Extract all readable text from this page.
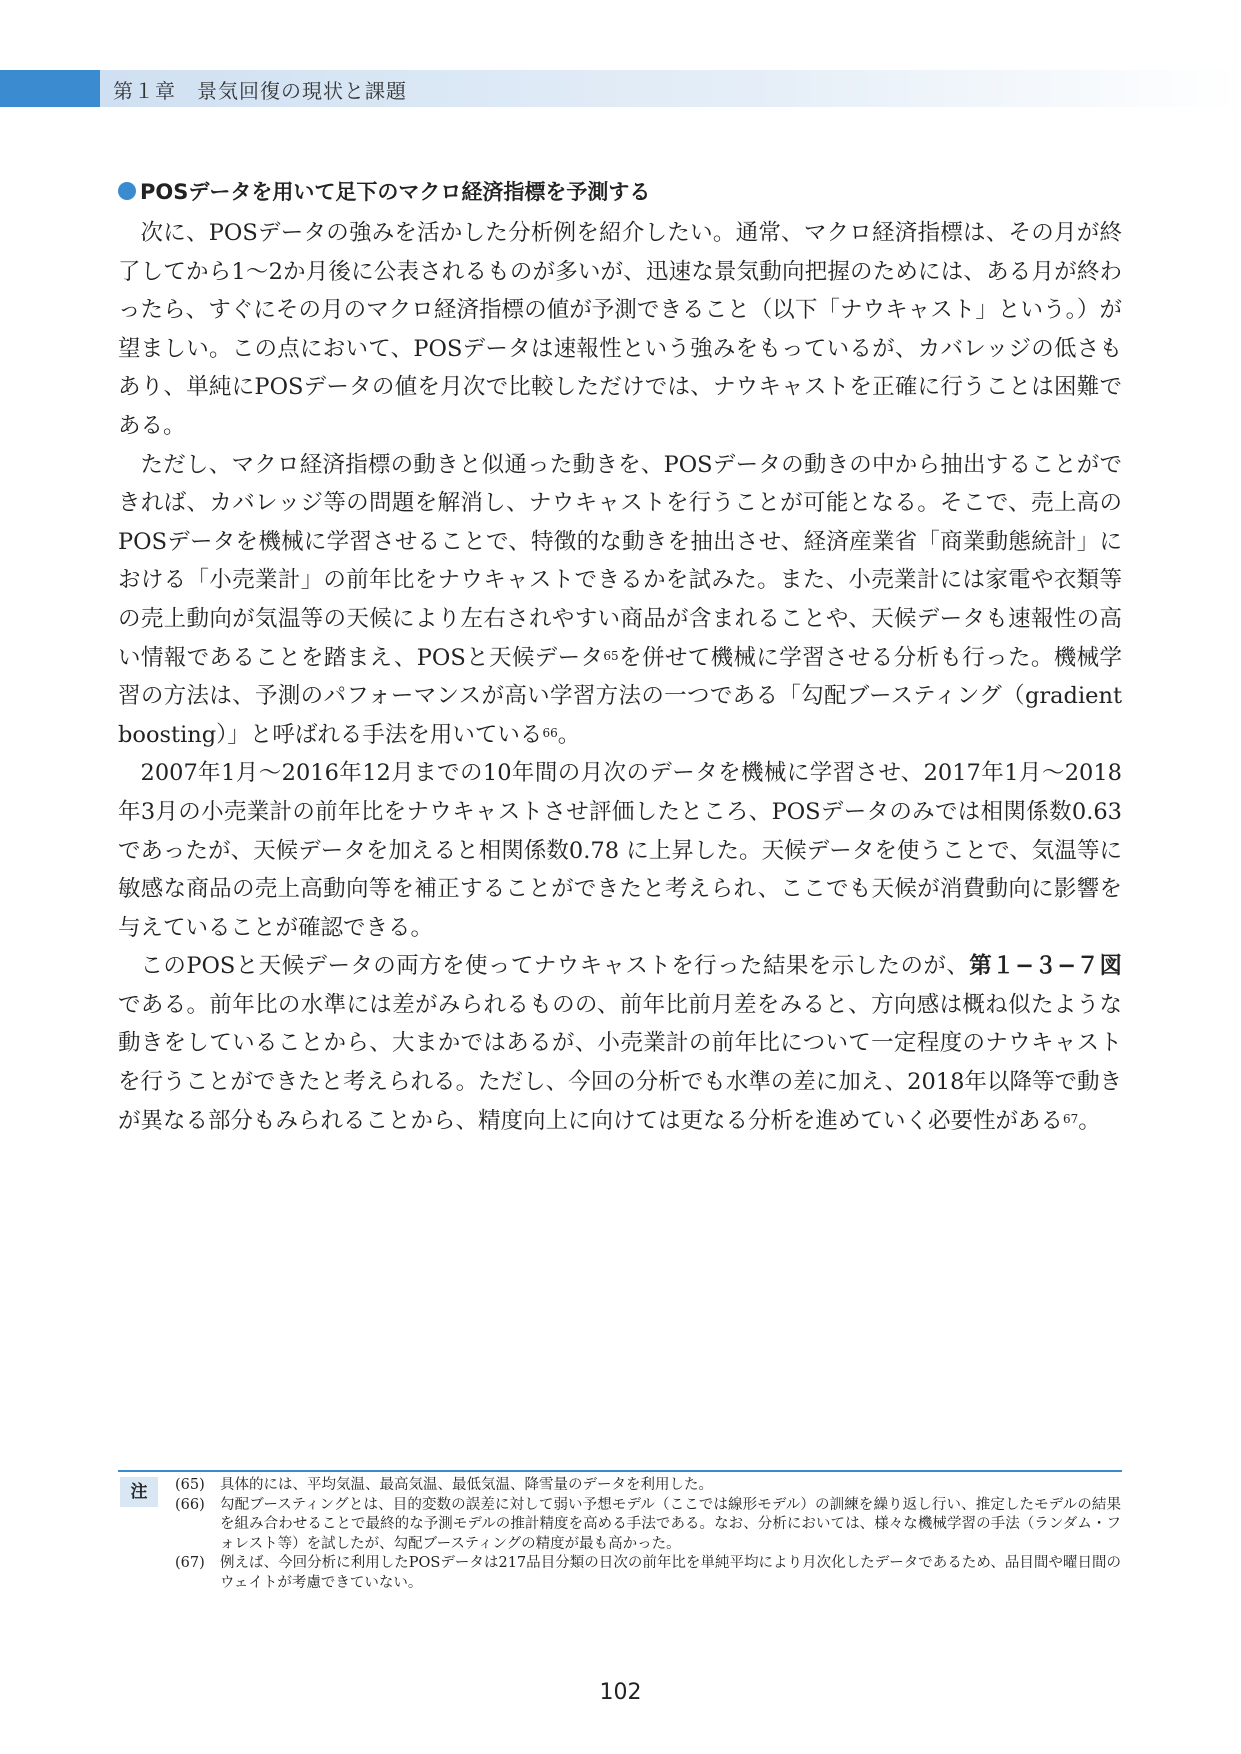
第１章　景気回復の現状と課題
POSデータを用いて足下のマクロ経済指標を予測する

次に、POSデータの強みを活かした分析例を紹介したい。通常、マクロ経済指標は、その月が終了してから1〜2か月後に公表されるものが多いが、迅速な景気動向把握のためには、ある月が終わったら、すぐにその月のマクロ経済指標の値が予測できること（以下「ナウキャスト」という。）が望ましい。この点において、POSデータは速報性という強みをもっているが、カバレッジの低さもあり、単純にPOSデータの値を月次で比較しただけでは、ナウキャストを正確に行うことは困難である。

ただし、マクロ経済指標の動きと似通った動きを、POSデータの動きの中から抽出することができれば、カバレッジ等の問題を解消し、ナウキャストを行うことが可能となる。そこで、売上高のPOSデータを機械に学習させることで、特徴的な動きを抽出させ、経済産業省「商業動態統計」における「小売業計」の前年比をナウキャストできるかを試みた。また、小売業計には家電や衣類等の売上動向が気温等の天候により左右されやすい商品が含まれることや、天候データも速報性の高い情報であることを踏まえ、POSと天候データ$^{65}$を併せて機械に学習させる分析も行った。機械学習の方法は、予測のパフォーマンスが高い学習方法の一つである「勾配ブースティング（gradient boosting）」と呼ばれる手法を用いている$^{66}$。

2007年1月〜2016年12月までの10年間の月次のデータを機械に学習させ、2017年1月〜2018年3月の小売業計の前年比をナウキャストさせ評価したところ、POSデータのみでは相関係数0.63であったが、天候データを加えると相関係数0.78 に上昇した。天候データを使うことで、気温等に敏感な商品の売上高動向等を補正することができたと考えられ、ここでも天候が消費動向に影響を与えていることが確認できる。

このPOSと天候データの両方を使ってナウキャストを行った結果を示したのが、第１−３−７図である。前年比の水準には差がみられるものの、前年比前月差をみると、方向感は概ね似たような動きをしていることから、大まかではあるが、小売業計の前年比について一定程度のナウキャストを行うことができたと考えられる。ただし、今回の分析でも水準の差に加え、2018年以降等で動きが異なる部分もみられることから、精度向上に向けては更なる分析を進めていく必要性がある$^{67}$。

注	(65)	具体的には、平均気温、最高気温、最低気温、降雪量のデータを利用した。
(66)	勾配ブースティングとは、目的変数の誤差に対して弱い予想モデル（ここでは線形モデル）の訓練を繰り返し行い、推定したモデルの結果を組み合わせることで最終的な予測モデルの推計精度を高める手法である。なお、分析においては、様々な機械学習の手法（ランダム・フォレスト等）を試したが、勾配ブースティングの精度が最も高かった。
(67)	例えば、今回分析に利用したPOSデータは217品目分類の日次の前年比を単純平均により月次化したデータであるため、品目間や曜日間のウェイトが考慮できていない。
102
